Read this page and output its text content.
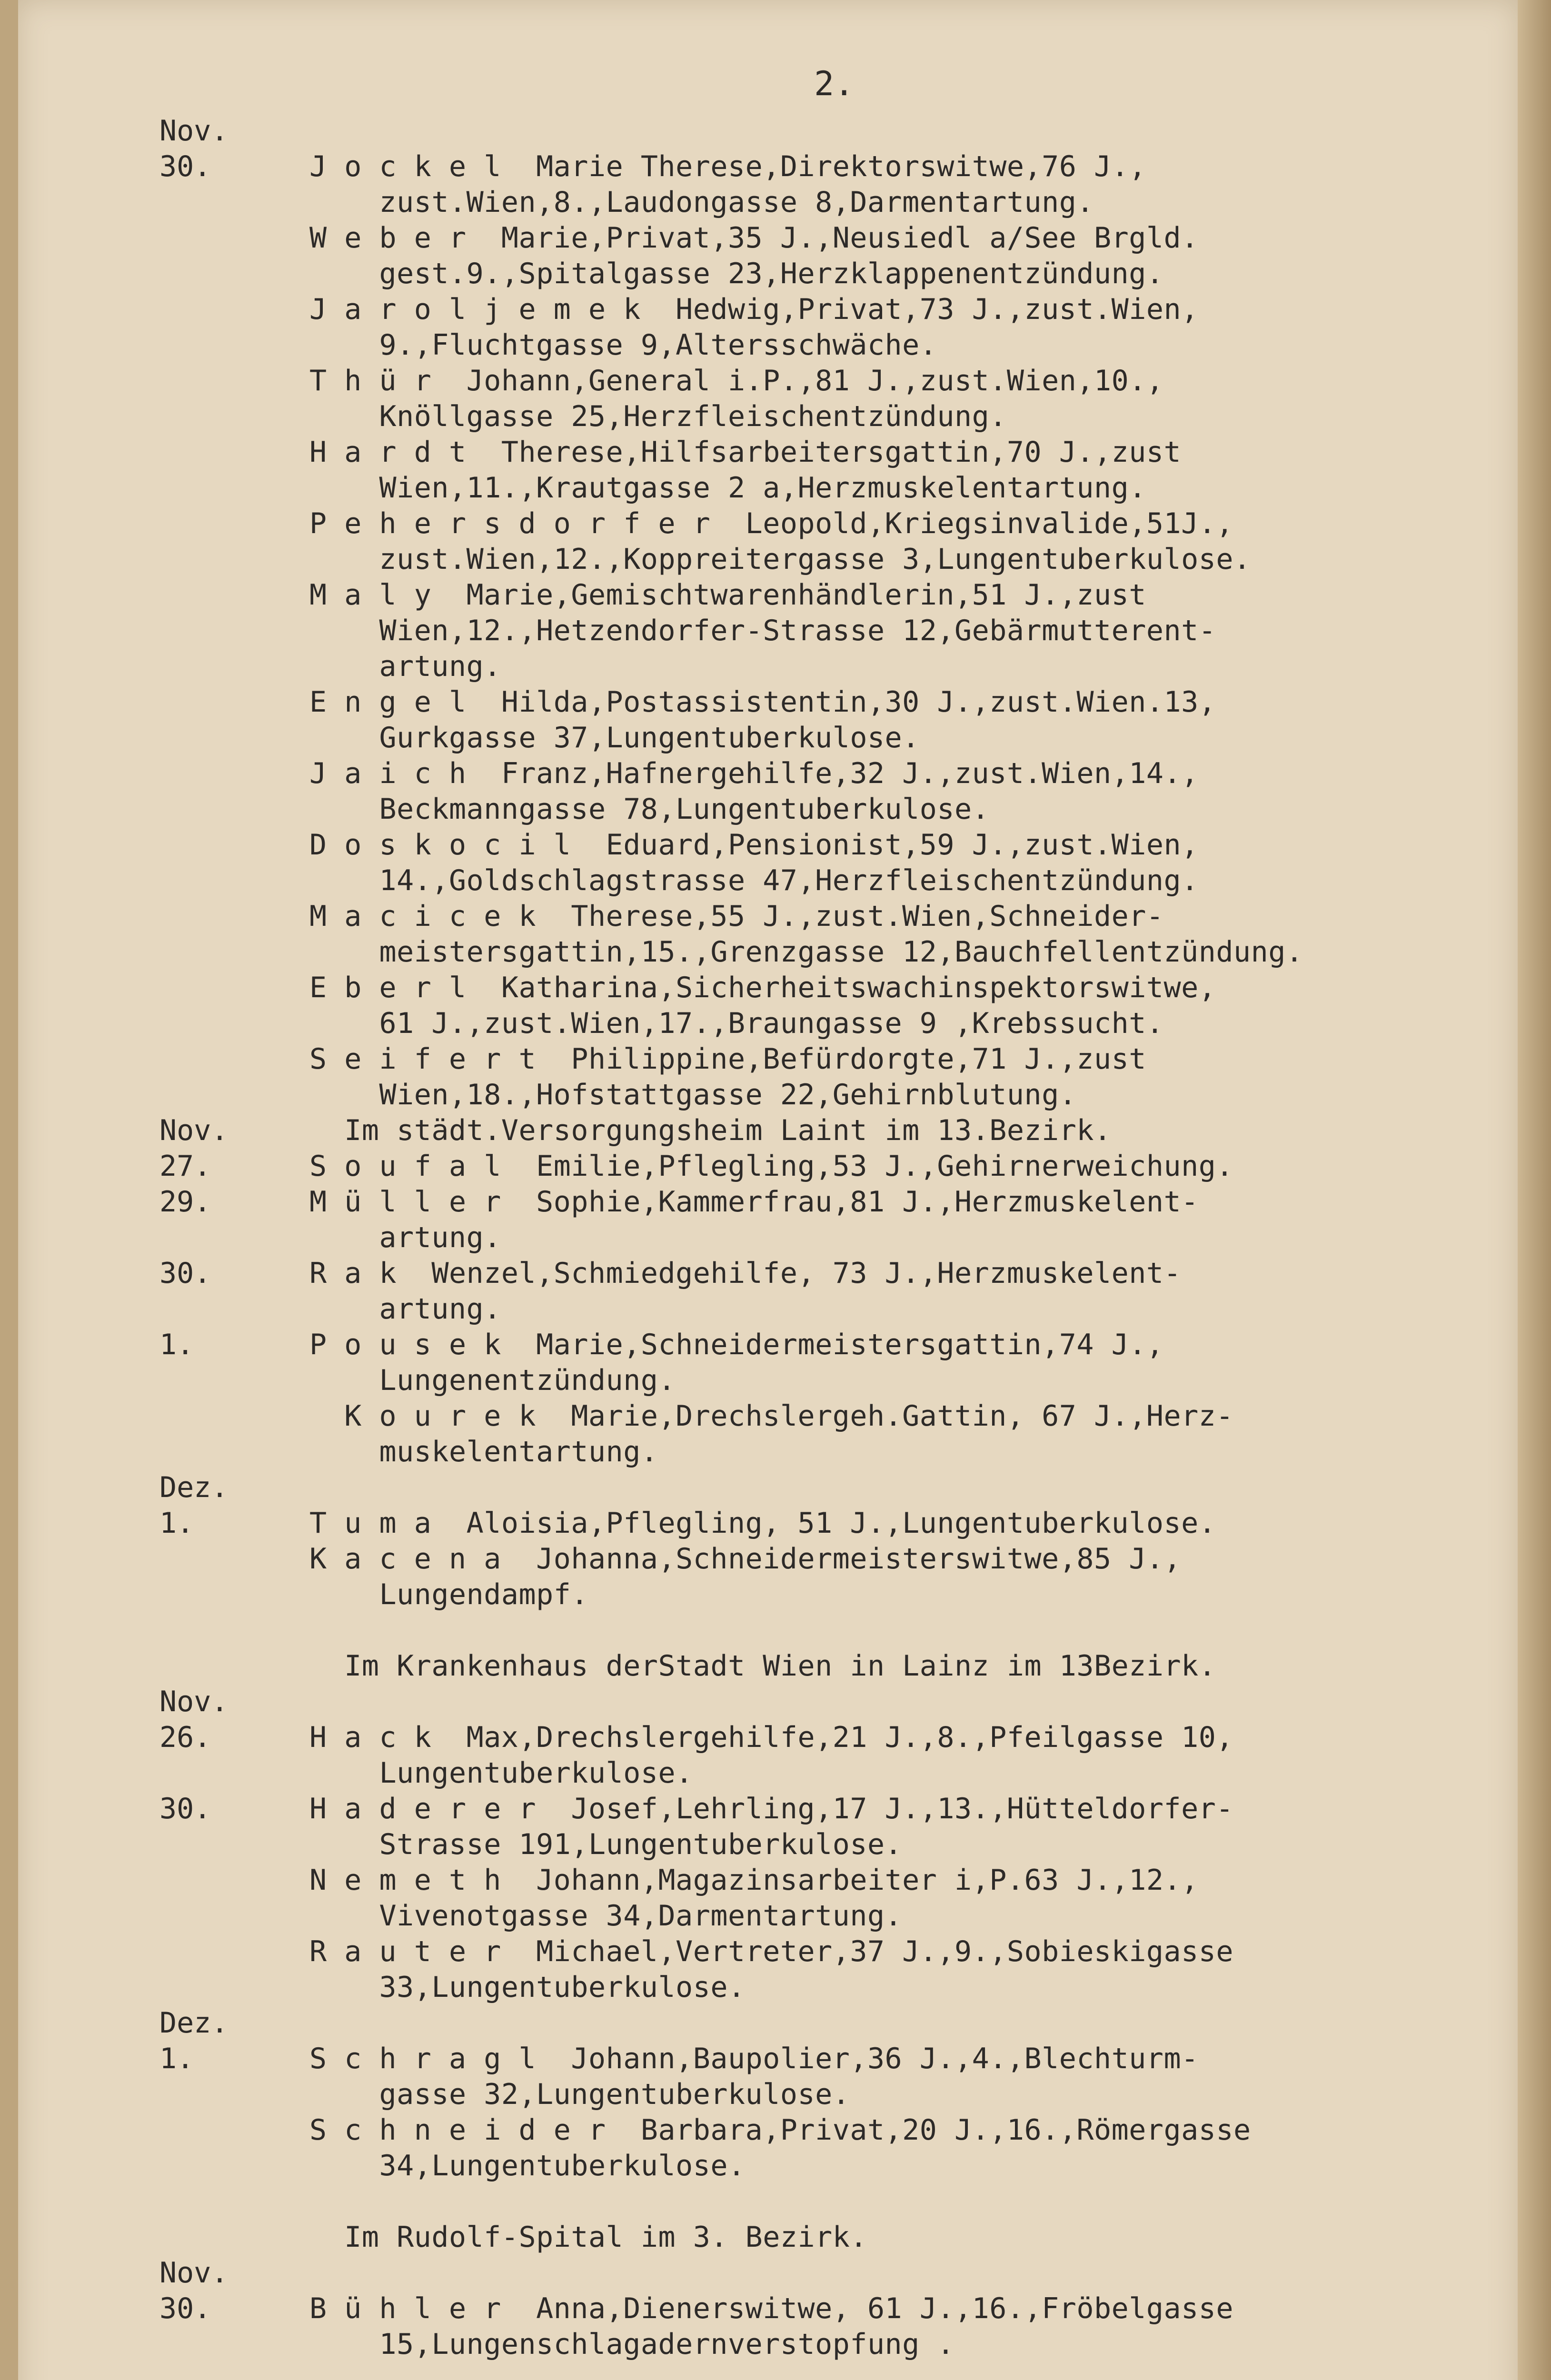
2.
Nov.
30.	J o c k e l  Marie Therese,Direktorswitwe,76 J.,
zust.Wien,8.,Laudongasse 8,Darmentartung.
W e b e r  Marie,Privat,35 J.,Neusiedl a/See Brgld.
gest.9.,Spitalgasse 23,Herzklappenentzündung.
J a r o l j e m e k  Hedwig,Privat,73 J.,zust.Wien,
9.,Fluchtgasse 9,Altersschwäche.
T h ü r  Johann,General i.P.,81 J.,zust.Wien,10.,
Knöllgasse 25,Herzfleischentzündung.
H a r d t  Therese,Hilfsarbeitersgattin,70 J.,zust
Wien,11.,Krautgasse 2 a,Herzmuskelentartung.
P e h e r s d o r f e r  Leopold,Kriegsinvalide,51J.,
zust.Wien,12.,Koppreitergasse 3,Lungentuberkulose.
M a l y  Marie,Gemischtwarenhändlerin,51 J.,zust
Wien,12.,Hetzendorfer-Strasse 12,Gebärmutterent-
artung.
E n g e l  Hilda,Postassistentin,30 J.,zust.Wien.13,
Gurkgasse 37,Lungentuberkulose.
J a i c h  Franz,Hafnergehilfe,32 J.,zust.Wien,14.,
Beckmanngasse 78,Lungentuberkulose.
D o s k o c i l  Eduard,Pensionist,59 J.,zust.Wien,
14.,Goldschlagstrasse 47,Herzfleischentzündung.
M a c i c e k  Therese,55 J.,zust.Wien,Schneider-
meistersgattin,15.,Grenzgasse 12,Bauchfellentzündung.
E b e r l  Katharina,Sicherheitswachinspektorswitwe,
61 J.,zust.Wien,17.,Braungasse 9 ,Krebssucht.
S e i f e r t  Philippine,Befürdorgte,71 J.,zust
Wien,18.,Hofstattgasse 22,Gehirnblutung.
Nov.	Im städt.Versorgungsheim Laint im 13.Bezirk.
27.	S o u f a l  Emilie,Pflegling,53 J.,Gehirnerweichung.
29.	M ü l l e r  Sophie,Kammerfrau,81 J.,Herzmuskelent-
artung.
30.	R a k  Wenzel,Schmiedgehilfe, 73 J.,Herzmuskelent-
artung.
1.	P o u s e k  Marie,Schneidermeistersgattin,74 J.,
Lungenentzündung.
K o u r e k  Marie,Drechslergeh.Gattin, 67 J.,Herz-
muskelentartung.
Dez.
1.	T u m a  Aloisia,Pflegling, 51 J.,Lungentuberkulose.
K a c e n a  Johanna,Schneidermeisterswitwe,85 J.,
Lungendampf.
Im Krankenhaus derStadt Wien in Lainz im 13Bezirk.
Nov.
26.	H a c k  Max,Drechslergehilfe,21 J.,8.,Pfeilgasse 10,
Lungentuberkulose.
30.	H a d e r e r  Josef,Lehrling,17 J.,13.,Hütteldorfer-
Strasse 191,Lungentuberkulose.
N e m e t h  Johann,Magazinsarbeiter i,P.63 J.,12.,
Vivenotgasse 34,Darmentartung.
R a u t e r  Michael,Vertreter,37 J.,9.,Sobieskigasse
33,Lungentuberkulose.
Dez.
1.	S c h r a g l  Johann,Baupolier,36 J.,4.,Blechturm-
gasse 32,Lungentuberkulose.
S c h n e i d e r  Barbara,Privat,20 J.,16.,Römergasse
34,Lungentuberkulose.
Im Rudolf-Spital im 3. Bezirk.
Nov.
30.	B ü h l e r  Anna,Dienerswitwe, 61 J.,16.,Fröbelgasse
15,Lungenschlagadernverstopfung .
